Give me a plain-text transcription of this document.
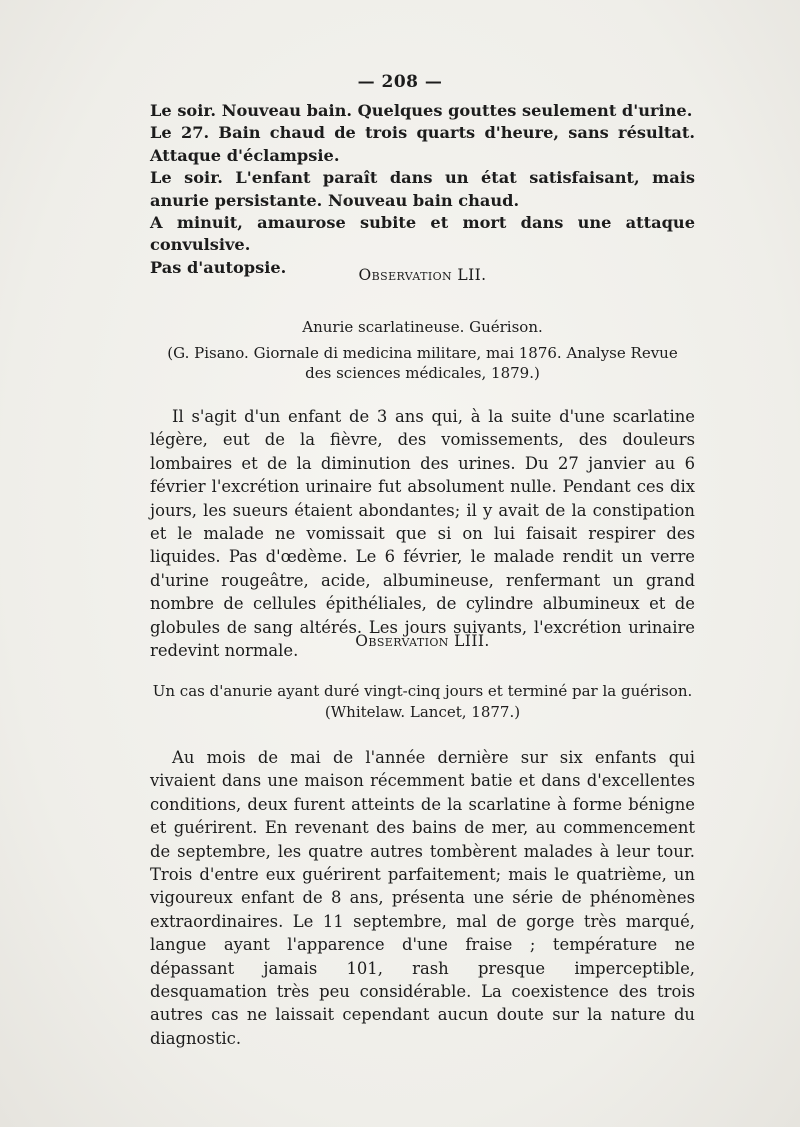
— 208 —

Le soir. Nouveau bain. Quelques gouttes seulement d'urine.

Le 27. Bain chaud de trois quarts d'heure, sans résultat. Attaque d'éclampsie.

Le soir. L'enfant paraît dans un état satisfaisant, mais anurie persistante. Nouveau bain chaud.

A minuit, amaurose subite et mort dans une attaque convulsive.

Pas d'autopsie.	Observation LII.
Anurie scarlatineuse. Guérison.
(G. Pisano. Giornale di medicina militare, mai 1876. Analyse Revue des sciences médicales, 1879.)

Il s'agit d'un enfant de 3 ans qui, à la suite d'une scarlatine légère, eut de la fièvre, des vomissements, des douleurs lombaires et de la diminution des urines. Du 27 janvier au 6 février l'excrétion urinaire fut absolument nulle. Pendant ces dix jours, les sueurs étaient abondantes; il y avait de la constipation et le malade ne vomissait que si on lui faisait respirer des liquides. Pas d'œdème. Le 6 février, le malade rendit un verre d'urine rougeâtre, acide, albumineuse, renfermant un grand nombre de cellules épithéliales, de cylindre albumineux et de globules de sang altérés. Les jours suivants, l'excrétion urinaire redevint normale.

Observation LIII.
Un cas d'anurie ayant duré vingt-cinq jours et terminé par la guérison.
(Whitelaw. Lancet, 1877.)

Au mois de mai de l'année dernière sur six enfants qui vivaient dans une maison récemment batie et dans d'excellentes conditions, deux furent atteints de la scarlatine à forme bénigne et guérirent. En revenant des bains de mer, au commencement de septembre, les quatre autres tombèrent malades à leur tour. Trois d'entre eux guérirent parfaitement; mais le quatrième, un vigoureux enfant de 8 ans, présenta une série de phénomènes extraordinaires. Le 11 septembre, mal de gorge très marqué, langue ayant l'apparence d'une fraise ; température ne dépassant jamais 101, rash presque imperceptible, desquamation très peu considérable. La coexistence des trois autres cas ne laissait cependant aucun doute sur la nature du diagnostic.
